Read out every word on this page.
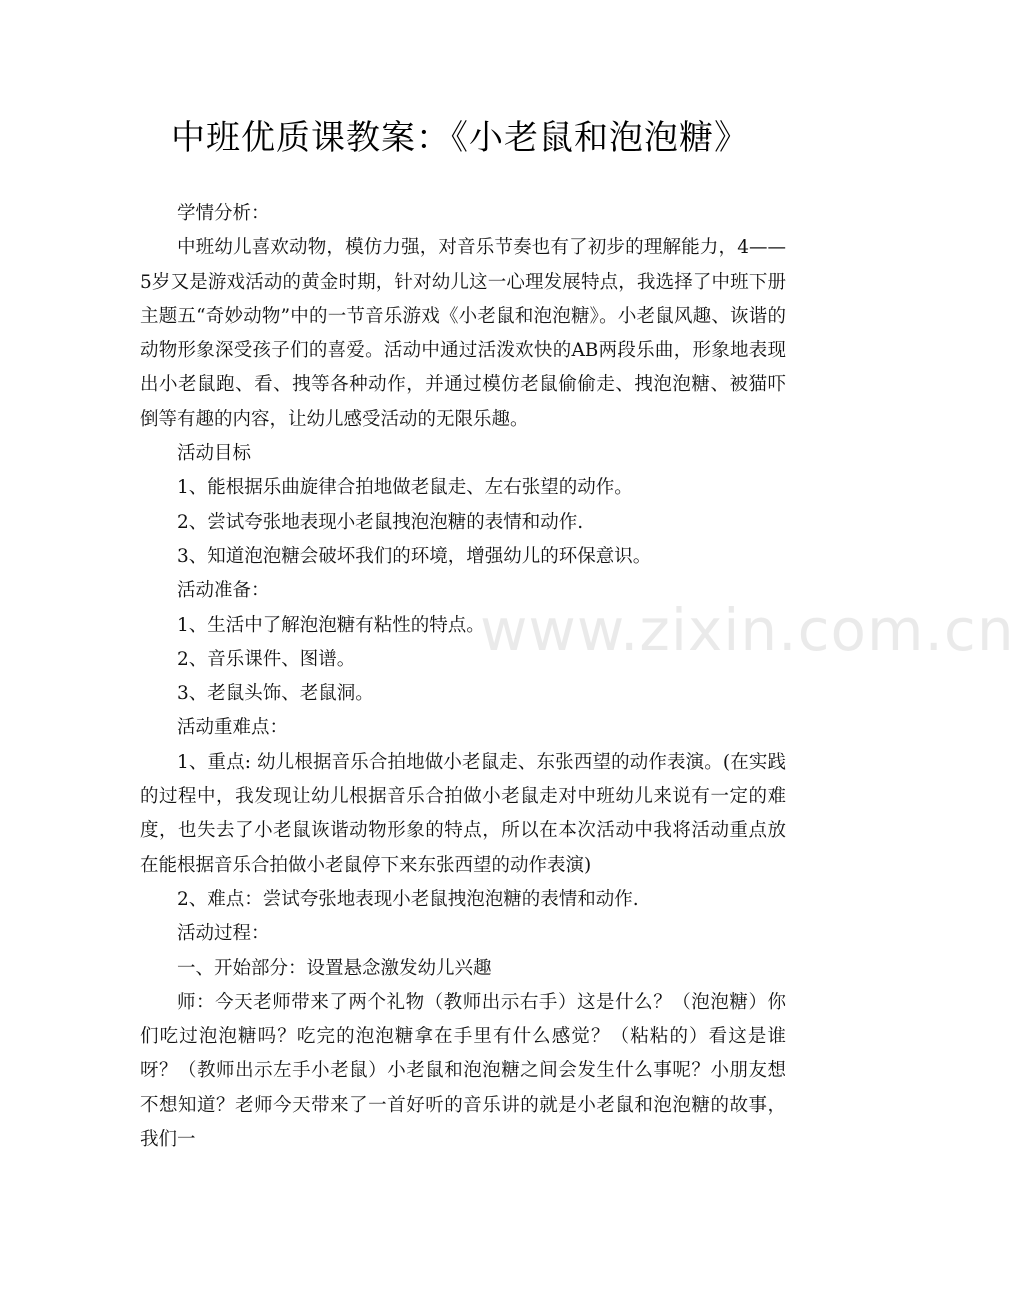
中班优质课教案：《小老鼠和泡泡糖》
www.zixin.com.cn

学情分析：

中班幼儿喜欢动物，模仿力强，对音乐节奏也有了初步的理解能力，4——5岁又是游戏活动的黄金时期，针对幼儿这一心理发展特点，我选择了中班下册主题五“奇妙动物”中的一节音乐游戏《小老鼠和泡泡糖》。小老鼠风趣、诙谐的动物形象深受孩子们的喜爱。活动中通过活泼欢快的AB两段乐曲，形象地表现出小老鼠跑、看、拽等各种动作，并通过模仿老鼠偷偷走、拽泡泡糖、被猫吓倒等有趣的内容，让幼儿感受活动的无限乐趣。

活动目标

1、能根据乐曲旋律合拍地做老鼠走、左右张望的动作。

2、尝试夸张地表现小老鼠拽泡泡糖的表情和动作.

3、知道泡泡糖会破坏我们的环境，增强幼儿的环保意识。

活动准备：

1、生活中了解泡泡糖有粘性的特点。

2、音乐课件、图谱。

3、老鼠头饰、老鼠洞。

活动重难点：

1、重点: 幼儿根据音乐合拍地做小老鼠走、东张西望的动作表演。(在实践的过程中，我发现让幼儿根据音乐合拍做小老鼠走对中班幼儿来说有一定的难度，也失去了小老鼠诙谐动物形象的特点，所以在本次活动中我将活动重点放在能根据音乐合拍做小老鼠停下来东张西望的动作表演)

2、难点：尝试夸张地表现小老鼠拽泡泡糖的表情和动作.

活动过程：

一、开始部分：设置悬念激发幼儿兴趣

师：今天老师带来了两个礼物（教师出示右手）这是什么？（泡泡糖）你们吃过泡泡糖吗？吃完的泡泡糖拿在手里有什么感觉？（粘粘的）看这是谁呀？（教师出示左手小老鼠）小老鼠和泡泡糖之间会发生什么事呢？小朋友想不想知道？老师今天带来了一首好听的音乐讲的就是小老鼠和泡泡糖的故事，我们一
